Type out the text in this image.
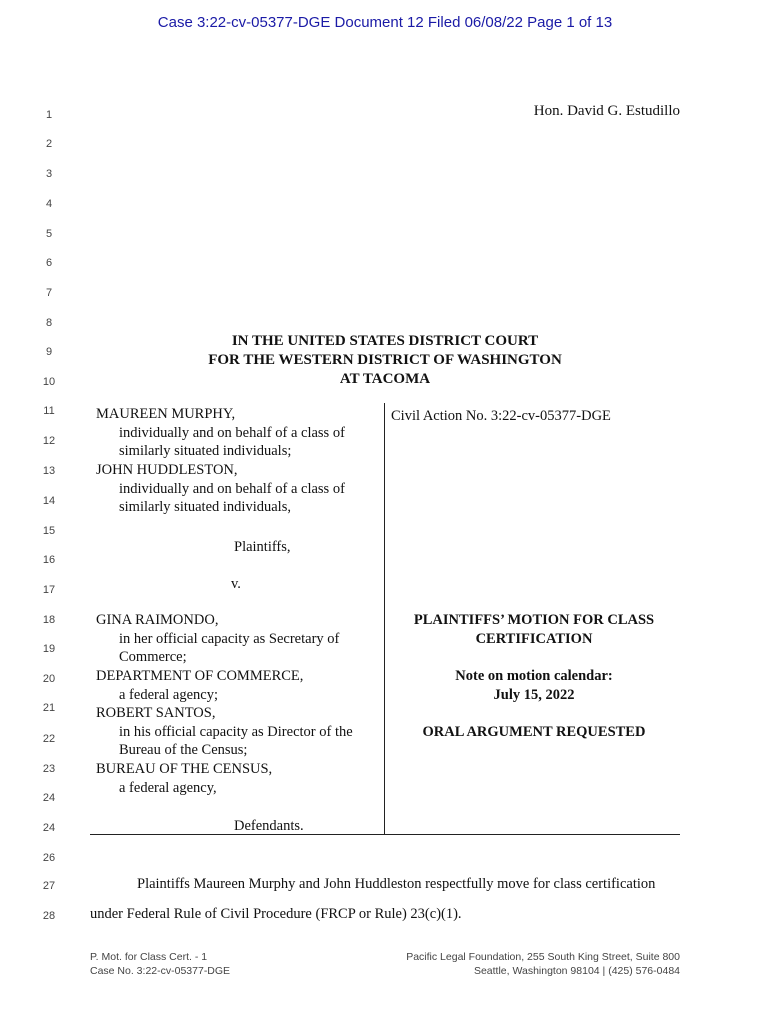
Case 3:22-cv-05377-DGE Document 12 Filed 06/08/22 Page 1 of 13
Hon. David G. Estudillo
1
2
3
4
5
6
7
8
9
10
11
12
13
14
15
16
17
18
19
20
21
22
23
24
24
26
27
28
IN THE UNITED STATES DISTRICT COURT
FOR THE WESTERN DISTRICT OF WASHINGTON
AT TACOMA
MAUREEN MURPHY,
individually and on behalf of a class of
similarly situated individuals;
JOHN HUDDLESTON,
individually and on behalf of a class of
similarly situated individuals,
Plaintiffs,
v.
GINA RAIMONDO,
in her official capacity as Secretary of
Commerce;
DEPARTMENT OF COMMERCE,
a federal agency;
ROBERT SANTOS,
in his official capacity as Director of the
Bureau of the Census;
BUREAU OF THE CENSUS,
a federal agency,
Defendants.
Civil Action No. 3:22-cv-05377-DGE
PLAINTIFFS’ MOTION FOR CLASS
CERTIFICATION
Note on motion calendar:
July 15, 2022
ORAL ARGUMENT REQUESTED
Plaintiffs Maureen Murphy and John Huddleston respectfully move for class certification
under Federal Rule of Civil Procedure (FRCP or Rule) 23(c)(1).
P. Mot. for Class Cert. - 1
Case No. 3:22-cv-05377-DGE
Pacific Legal Foundation, 255 South King Street, Suite 800
Seattle, Washington 98104 | (425) 576-0484
